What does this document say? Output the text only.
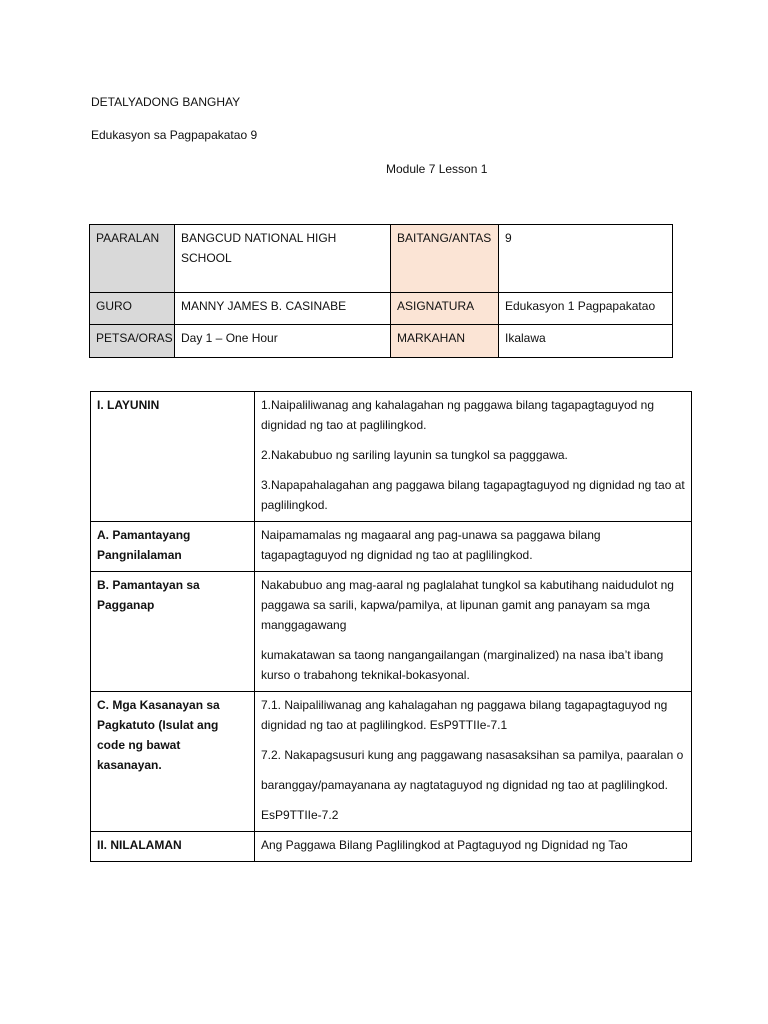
DETALYADONG BANGHAY
Edukasyon sa Pagpapakatao 9
Module 7 Lesson 1
PAARALAN	BANGCUD NATIONAL HIGH SCHOOL	BAITANG/ANTAS	9
GURO	MANNY JAMES B. CASINABE	ASIGNATURA	Edukasyon 1 Pagpapakatao
PETSA/ORAS	Day 1 – One Hour	MARKAHAN	Ikalawa
I. LAYUNIN	1.Naipaliliwanag ang kahalagahan ng paggawa bilang tagapagtaguyod ng dignidad ng tao at paglilingkod.

2.Nakabubuo ng sariling layunin sa tungkol sa pagggawa.

3.Napapahalagahan ang paggawa bilang tagapagtaguyod ng dignidad ng tao at paglilingkod.

A. Pamantayang Pangnilalaman	Naipamamalas ng magaaral ang pag-unawa sa paggawa bilang tagapagtaguyod ng dignidad ng tao at paglilingkod.

B. Pamantayan sa Pagganap	Nakabubuo ang mag-aaral ng paglalahat tungkol sa kabutihang naidudulot ng paggawa sa sarili, kapwa/pamilya, at lipunan gamit ang panayam sa mga manggagawang

kumakatawan sa taong nangangailangan (marginalized) na nasa iba’t ibang kurso o trabahong teknikal-bokasyonal.

C. Mga Kasanayan sa Pagkatuto (Isulat ang code ng bawat kasanayan.	7.1. Naipaliliwanag ang kahalagahan ng paggawa bilang tagapagtaguyod ng dignidad ng tao at paglilingkod. EsP9TTIIe-7.1

7.2. Nakapagsusuri kung ang paggawang nasasaksihan sa pamilya, paaralan o

baranggay/pamayanana ay nagtataguyod ng dignidad ng tao at paglilingkod.

EsP9TTIIe-7.2

II. NILALAMAN	Ang Paggawa Bilang Paglilingkod at Pagtaguyod ng Dignidad ng Tao
